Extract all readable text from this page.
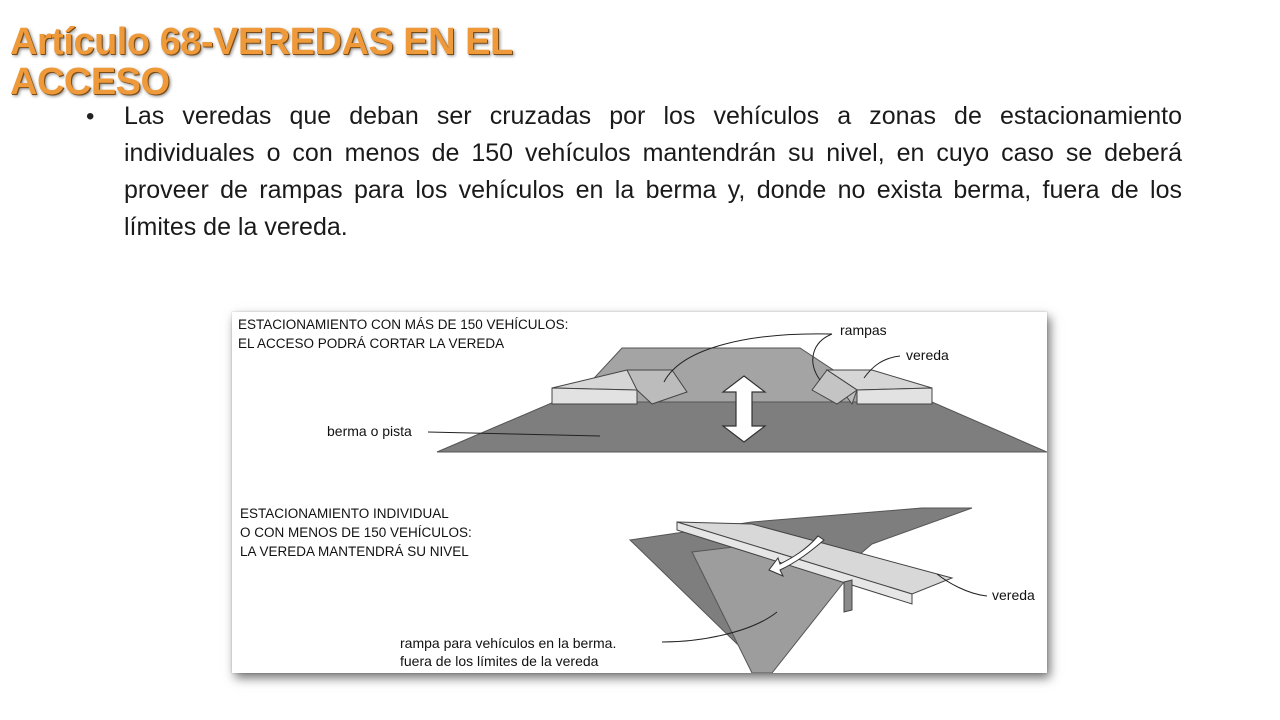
Artículo 68-VEREDAS EN EL
ACCESO
•	Las veredas que deban ser cruzadas por los vehículos a zonas de estacionamiento individuales o con menos de 150 vehículos mantendrán su nivel, en cuyo caso se deberá proveer de rampas para los vehículos en la berma y, donde no exista berma, fuera de los límites de la vereda.

ESTACIONAMIENTO CON MÁS DE 150 VEHÍCULOS:
EL ACCESO PODRÁ CORTAR LA VEREDA
rampas
vereda
berma o pista
ESTACIONAMIENTO INDIVIDUAL
O CON MENOS DE 150 VEHÍCULOS:
LA VEREDA MANTENDRÁ SU NIVEL
vereda
rampa para vehículos en la berma.
fuera de los límites de la vereda
